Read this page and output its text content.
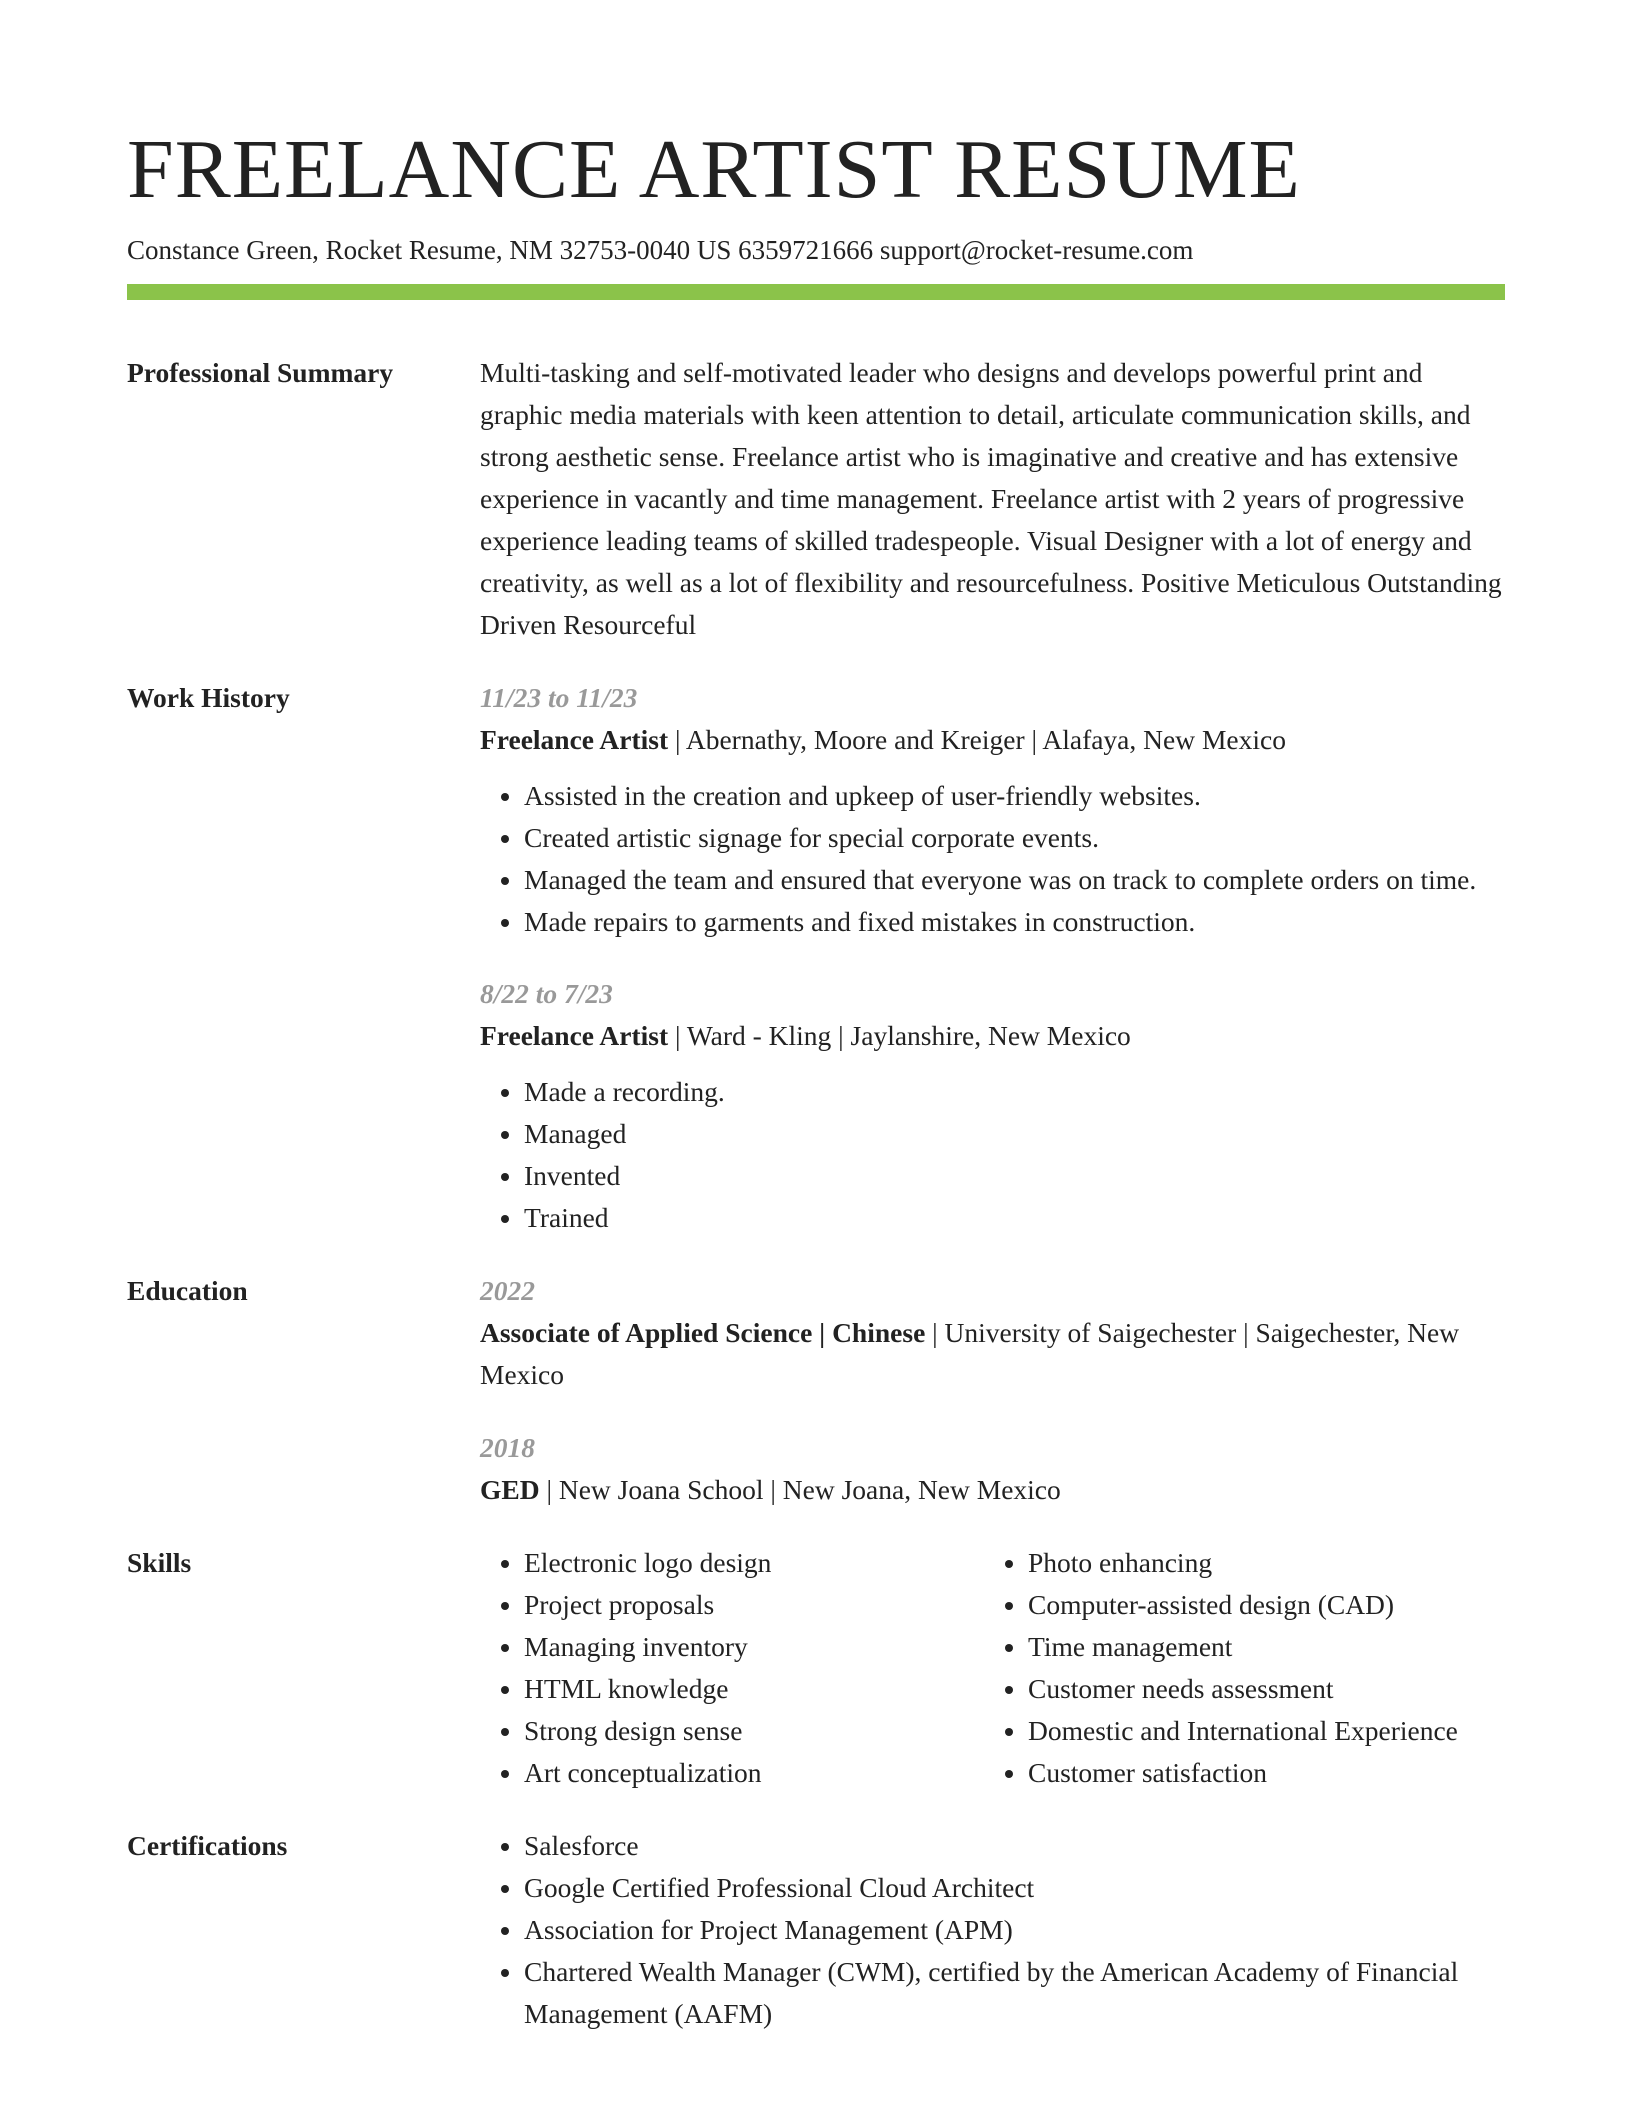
FREELANCE ARTIST RESUME
Constance Green, Rocket Resume, NM 32753-0040 US 6359721666 support@rocket-resume.com
Professional Summary	Multi-tasking and self-motivated leader who designs and develops powerful print and graphic media materials with keen attention to detail, articulate communication skills, and strong aesthetic sense. Freelance artist who is imaginative and creative and has extensive experience in vacantly and time management. Freelance artist with 2 years of progressive experience leading teams of skilled tradespeople. Visual Designer with a lot of energy and creativity, as well as a lot of flexibility and resourcefulness. Positive Meticulous Outstanding Driven Resourceful
Work History	11/23 to 11/23
Freelance Artist | Abernathy, Moore and Kreiger | Alafaya, New Mexico
• Assisted in the creation and upkeep of user-friendly websites.
• Created artistic signage for special corporate events.
• Managed the team and ensured that everyone was on track to complete orders on time.
• Made repairs to garments and fixed mistakes in construction.
8/22 to 7/23
Freelance Artist | Ward - Kling | Jaylanshire, New Mexico
• Made a recording.
• Managed
• Invented
• Trained
Education	2022
Associate of Applied Science | Chinese | University of Saigechester | Saigechester, New Mexico
2018
GED | New Joana School | New Joana, New Mexico
Skills	• Electronic logo design
• Project proposals
• Managing inventory
• HTML knowledge
• Strong design sense
• Art conceptualization
• Photo enhancing
• Computer-assisted design (CAD)
• Time management
• Customer needs assessment
• Domestic and International Experience
• Customer satisfaction
Certifications	• Salesforce
• Google Certified Professional Cloud Architect
• Association for Project Management (APM)
• Chartered Wealth Manager (CWM), certified by the American Academy of Financial Management (AAFM)
